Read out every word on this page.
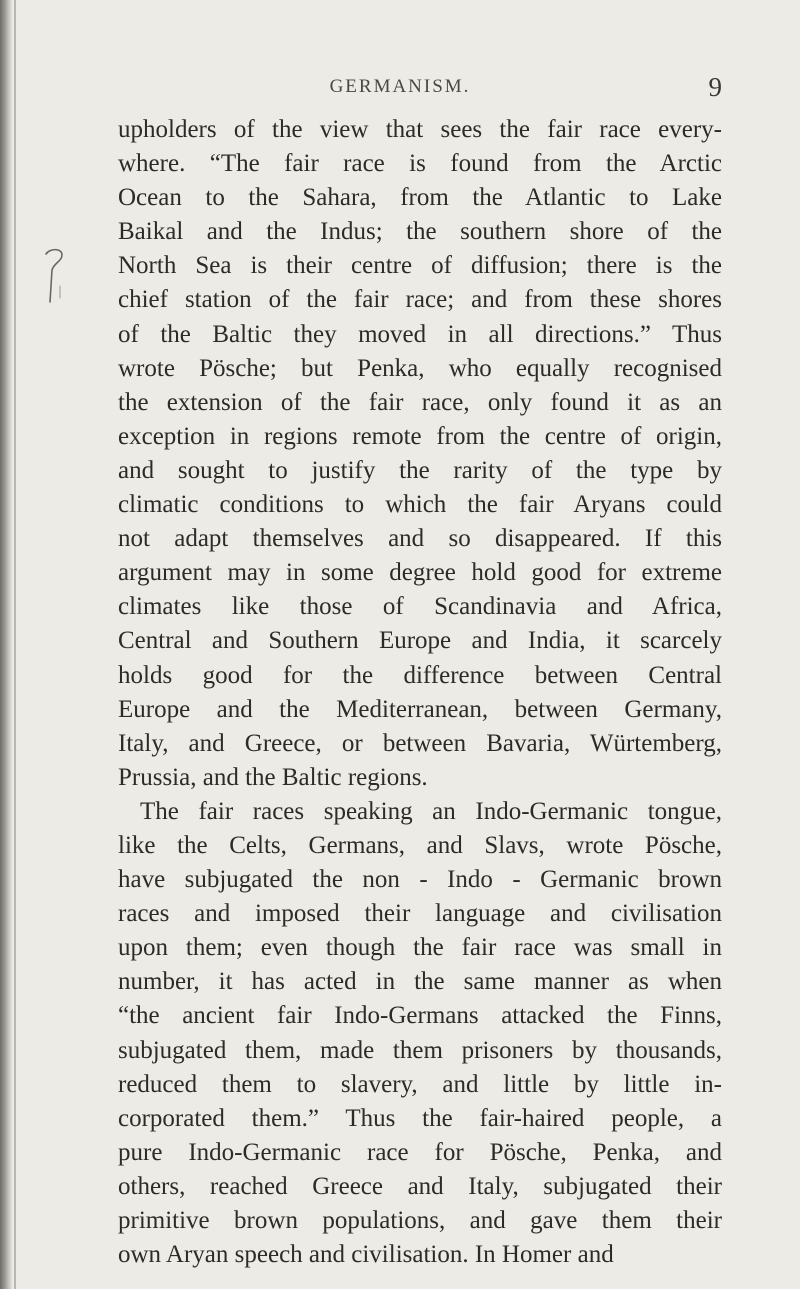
GERMANISM.	9
upholders of the view that sees the fair race every-
where. “The fair race is found from the Arctic
Ocean to the Sahara, from the Atlantic to Lake
Baikal and the Indus; the southern shore of the
North Sea is their centre of diffusion; there is the
chief station of the fair race; and from these shores
of the Baltic they moved in all directions.” Thus
wrote Pösche; but Penka, who equally recognised
the extension of the fair race, only found it as an
exception in regions remote from the centre of origin,
and sought to justify the rarity of the type by
climatic conditions to which the fair Aryans could
not adapt themselves and so disappeared. If this
argument may in some degree hold good for extreme
climates like those of Scandinavia and Africa,
Central and Southern Europe and India, it scarcely
holds good for the difference between Central
Europe and the Mediterranean, between Germany,
Italy, and Greece, or between Bavaria, Würtemberg,
Prussia, and the Baltic regions.
The fair races speaking an Indo-Germanic tongue,
like the Celts, Germans, and Slavs, wrote Pösche,
have subjugated the non - Indo - Germanic brown
races and imposed their language and civilisation
upon them; even though the fair race was small in
number, it has acted in the same manner as when
“the ancient fair Indo-Germans attacked the Finns,
subjugated them, made them prisoners by thousands,
reduced them to slavery, and little by little in-
corporated them.” Thus the fair-haired people, a
pure Indo-Germanic race for Pösche, Penka, and
others, reached Greece and Italy, subjugated their
primitive brown populations, and gave them their
own Aryan speech and civilisation. In Homer and
